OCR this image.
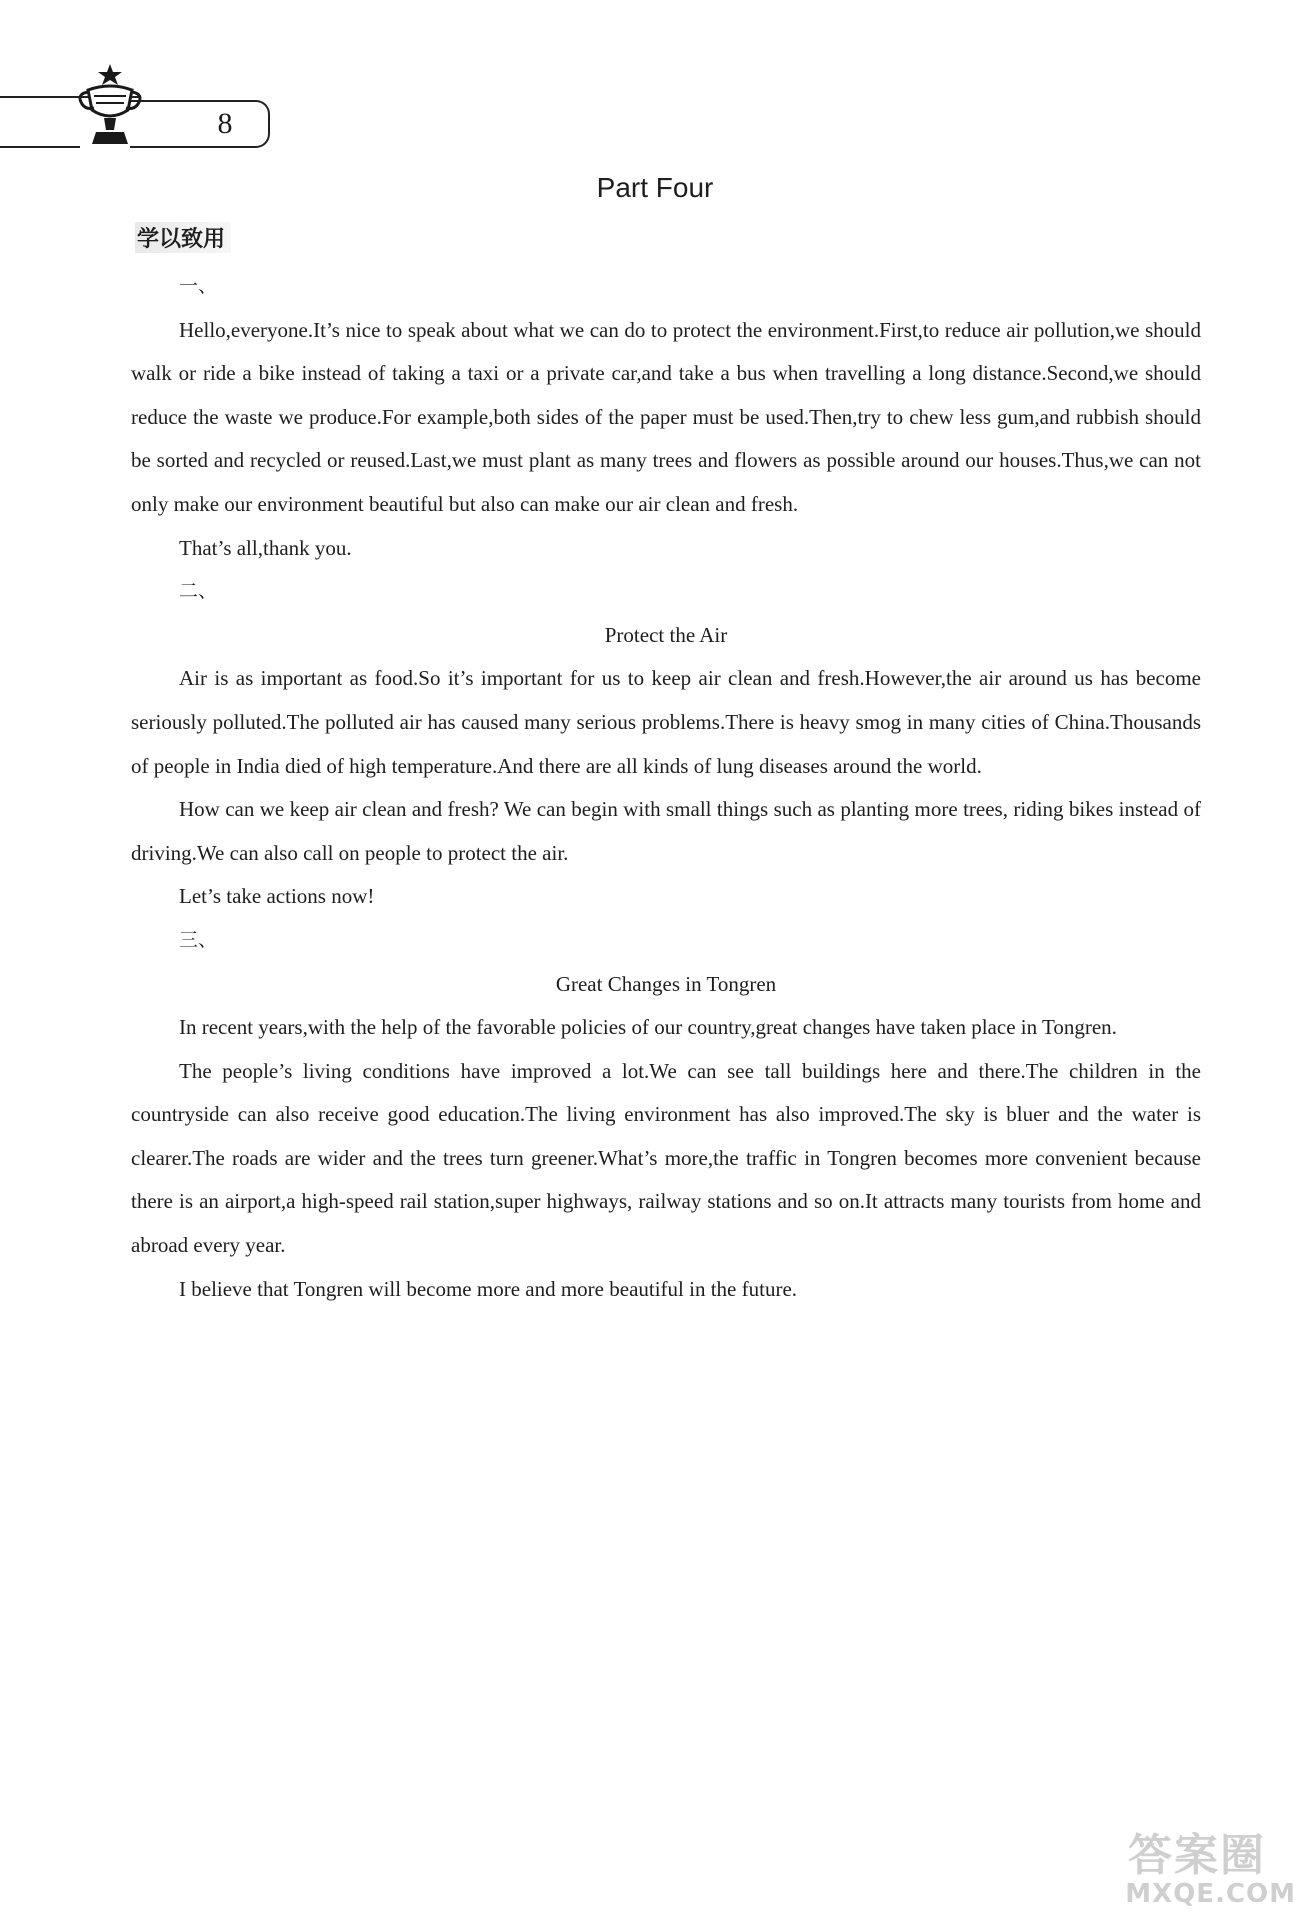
8
Part Four
学以致用
一、

Hello,everyone.It’s nice to speak about what we can do to protect the environment.First,to reduce air pollution,we should walk or ride a bike instead of taking a taxi or a private car,and take a bus when travelling a long distance.Second,we should reduce the waste we produce.For example,both sides of the paper must be used.Then,try to chew less gum,and rubbish should be sorted and recycled or reused.Last,we must plant as many trees and flowers as possible around our houses.Thus,we can not only make our environment beautiful but also can make our air clean and fresh.

That’s all,thank you.

二、
Protect the Air

Air is as important as food.So it’s important for us to keep air clean and fresh.However,the air around us has become seriously polluted.The polluted air has caused many serious problems.There is heavy smog in many cities of China.Thousands of people in India died of high temperature.And there are all kinds of lung diseases around the world.

How can we keep air clean and fresh? We can begin with small things such as planting more trees, riding bikes instead of driving.We can also call on people to protect the air.

Let’s take actions now!

三、
Great Changes in Tongren

In recent years,with the help of the favorable policies of our country,great changes have taken place in Tongren.

The people’s living conditions have improved a lot.We can see tall buildings here and there.The children in the countryside can also receive good education.The living environment has also improved.The sky is bluer and the water is clearer.The roads are wider and the trees turn greener.What’s more,the traffic in Tongren becomes more convenient because there is an airport,a high-speed rail station,super highways, railway stations and so on.It attracts many tourists from home and abroad every year.

I believe that Tongren will become more and more beautiful in the future.

答案圈
MXQE.COM
